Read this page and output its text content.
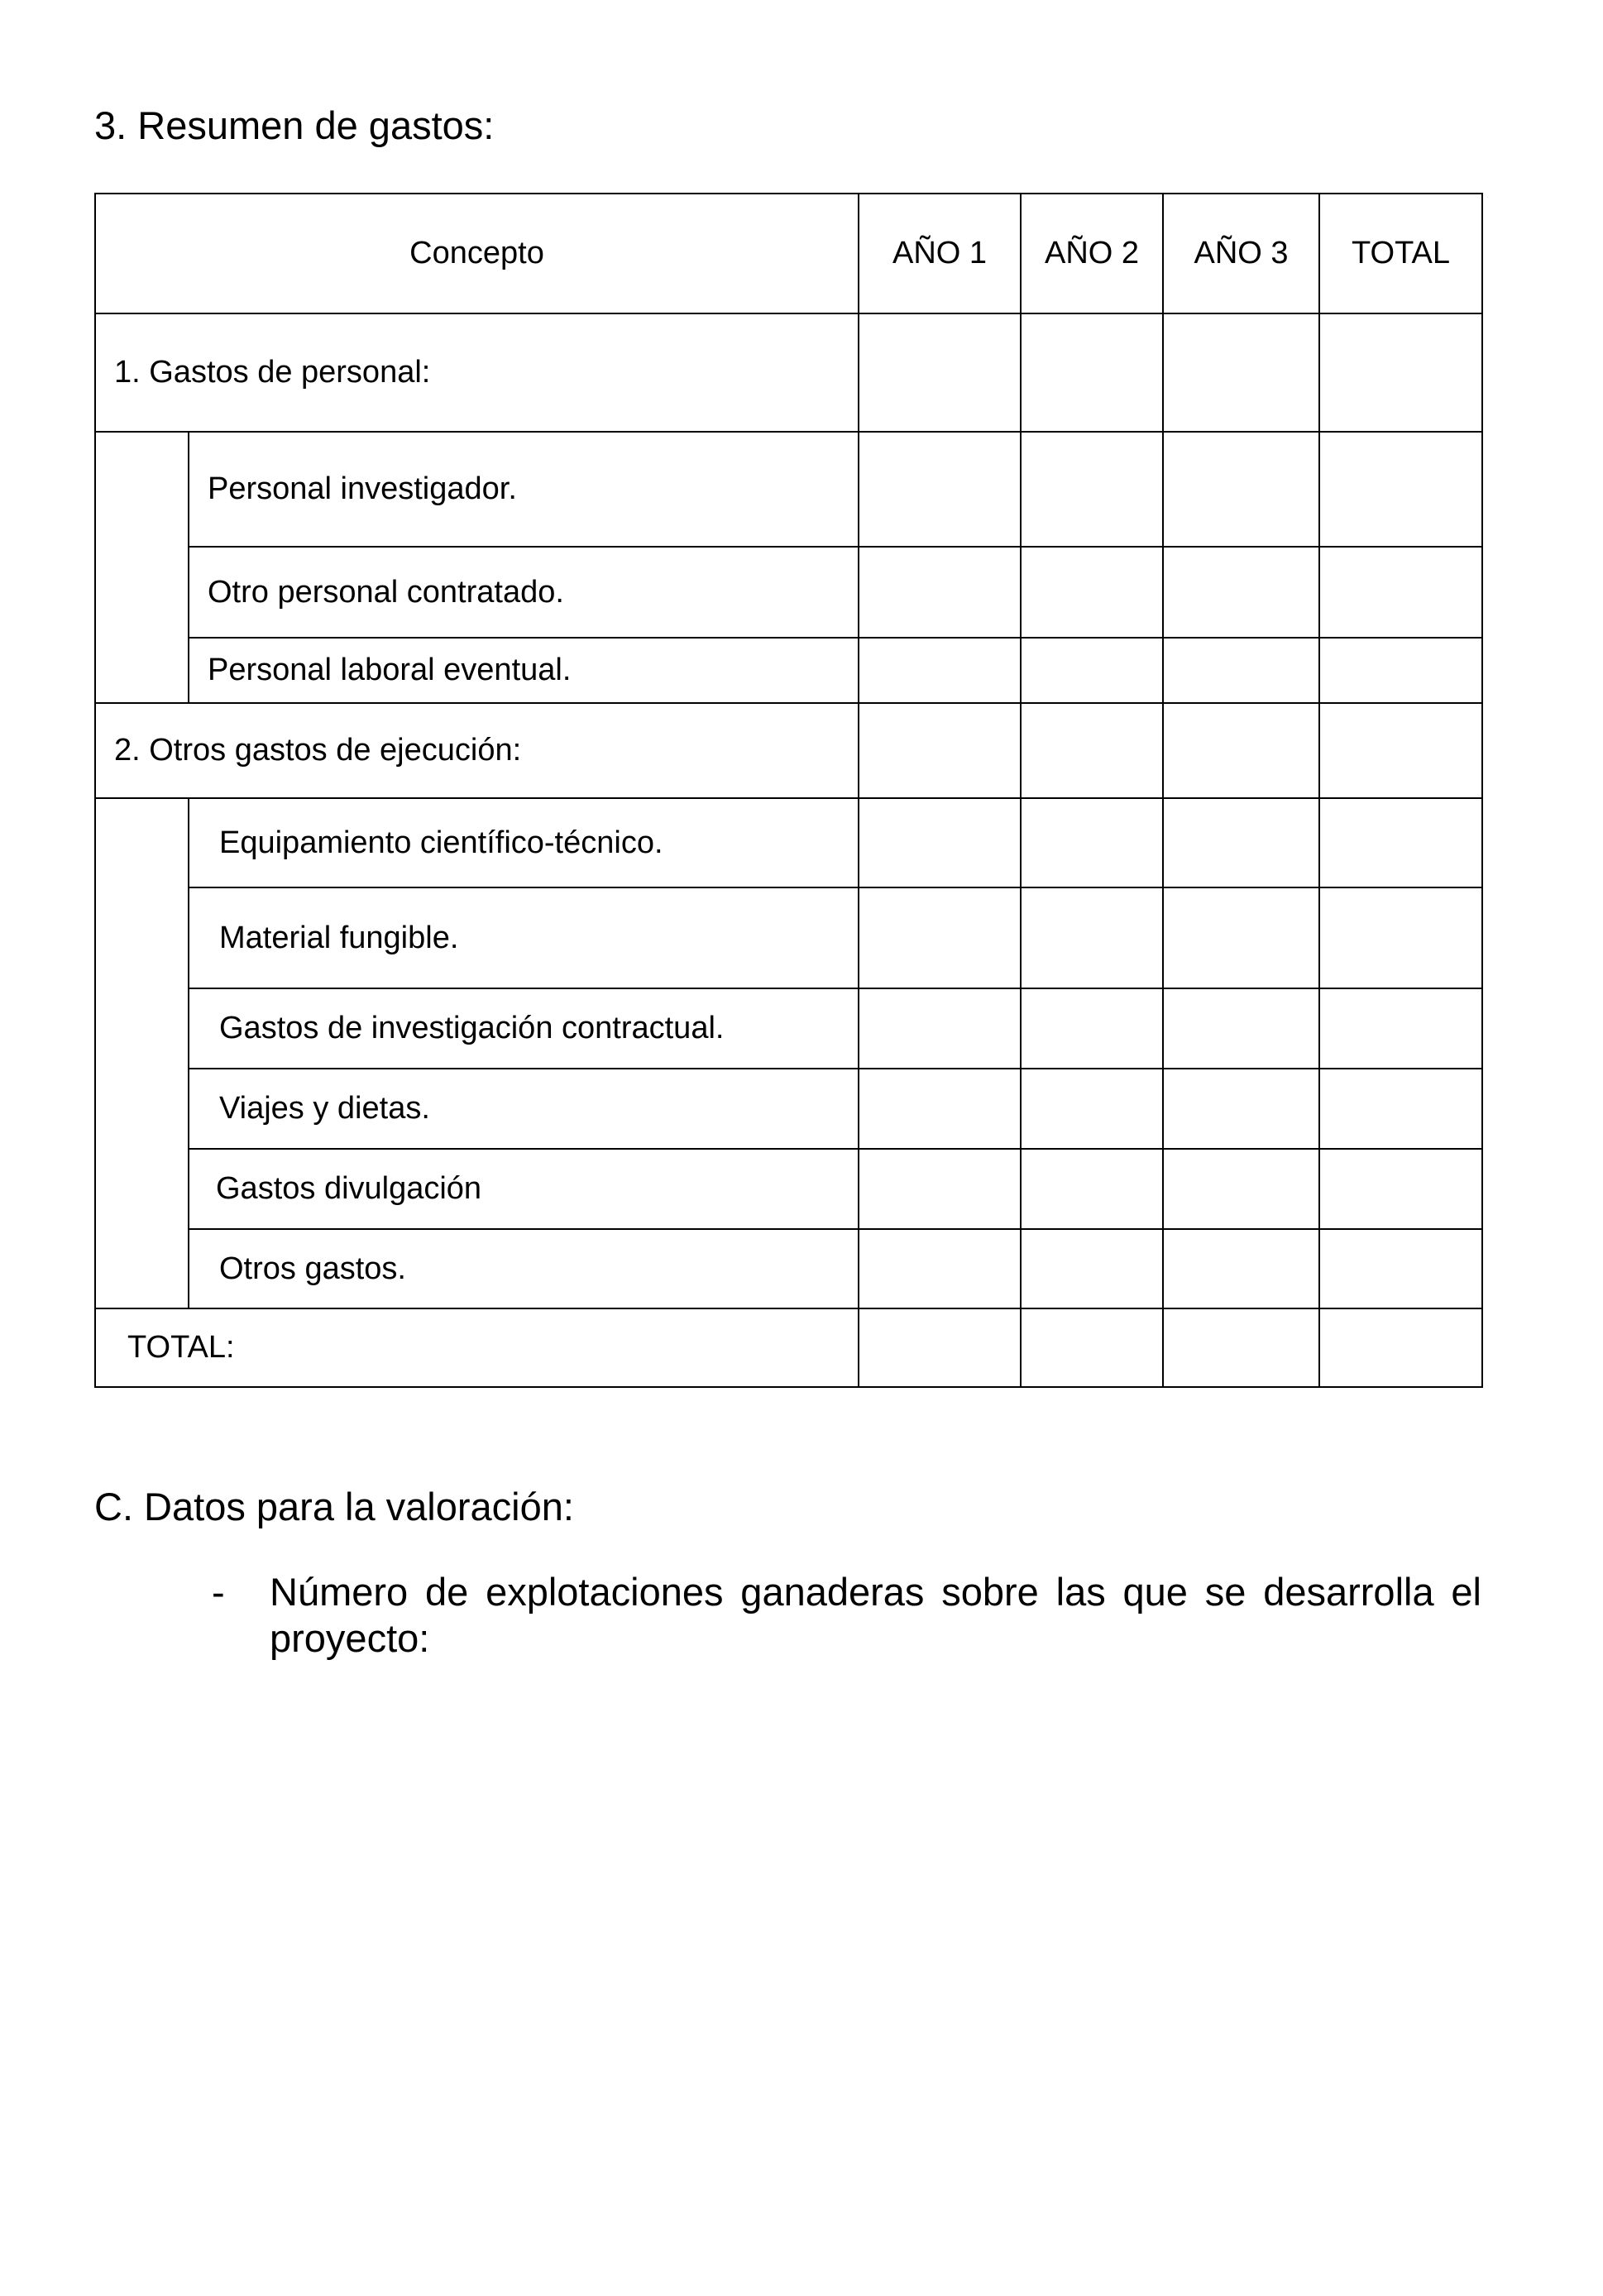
3. Resumen de gastos:
Concepto		AÑO 1	AÑO 2	AÑO 3	TOTAL
1. Gastos de personal:					
	Personal investigador.				
	Otro personal contratado.				
	Personal laboral eventual.				
2. Otros gastos de ejecución:					
	Equipamiento científico-técnico.				
	Material fungible.				
	Gastos de investigación contractual.				
	Viajes y dietas.				
	Gastos divulgación				
	Otros gastos.				
TOTAL:					
C. Datos para la valoración:
- Número de explotaciones ganaderas sobre las que se desarrolla el proyecto:
